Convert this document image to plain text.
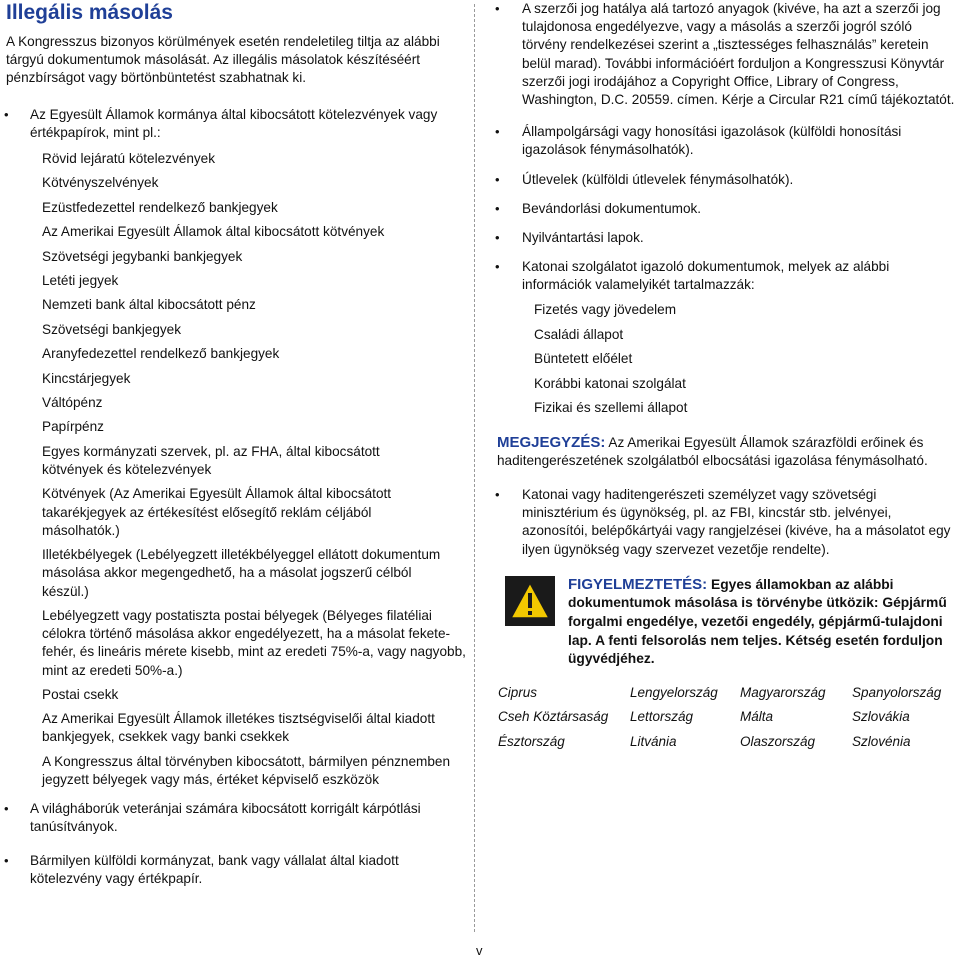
Illegális másolás

A Kongresszus bizonyos körülmények esetén rendeletileg tiltja az alábbi tárgyú dokumentumok másolását. Az illegális másolatok készítéséért pénzbírságot vagy börtönbüntetést szabhatnak ki.

• Az Egyesült Államok kormánya által kibocsátott kötelezvények vagy értékpapírok, mint pl.:

Rövid lejáratú kötelezvények

Kötvényszelvények

Ezüstfedezettel rendelkező bankjegyek

Az Amerikai Egyesült Államok által kibocsátott kötvények

Szövetségi jegybanki bankjegyek

Letéti jegyek

Nemzeti bank által kibocsátott pénz

Szövetségi bankjegyek

Aranyfedezettel rendelkező bankjegyek

Kincstárjegyek

Váltópénz

Papírpénz

Egyes kormányzati szervek, pl. az FHA, által kibocsátott kötvények és kötelezvények

Kötvények (Az Amerikai Egyesült Államok által kibocsátott takarékjegyek az értékesítést elősegítő reklám céljából másolhatók.)

Illetékbélyegek (Lebélyegzett illetékbélyeggel ellátott dokumentum másolása akkor megengedhető, ha a másolat jogszerű célból készül.)

Lebélyegzett vagy postatiszta postai bélyegek (Bélyeges filatéliai célokra történő másolása akkor engedélyezett, ha a másolat fekete-fehér, és lineáris mérete kisebb, mint az eredeti 75%-a, vagy nagyobb, mint az eredeti 50%-a.)

Postai csekk

Az Amerikai Egyesült Államok illetékes tisztségviselői által kiadott bankjegyek, csekkek vagy banki csekkek

A Kongresszus által törvényben kibocsátott, bármilyen pénznemben jegyzett bélyegek vagy más, értéket képviselő eszközök

• A világháborúk veteránjai számára kibocsátott korrigált kárpótlási tanúsítványok.

• Bármilyen külföldi kormányzat, bank vagy vállalat által kiadott kötelezvény vagy értékpapír.

• A szerzői jog hatálya alá tartozó anyagok (kivéve, ha azt a szerzői jog tulajdonosa engedélyezve, vagy a másolás a szerzői jogról szóló törvény rendelkezései szerint a „tisztességes felhasználás” keretein belül marad). További információért forduljon a Kongresszusi Könyvtár szerzői jogi irodájához a Copyright Office, Library of Congress, Washington, D.C. 20559. címen. Kérje a Circular R21 című tájékoztatót.

• Állampolgársági vagy honosítási igazolások (külföldi honosítási igazolások fénymásolhatók).

• Útlevelek (külföldi útlevelek fénymásolhatók).

• Bevándorlási dokumentumok.

• Nyilvántartási lapok.

• Katonai szolgálatot igazoló dokumentumok, melyek az alábbi információk valamelyikét tartalmazzák:

Fizetés vagy jövedelem

Családi állapot

Büntetett előélet

Korábbi katonai szolgálat

Fizikai és szellemi állapot

MEGJEGYZÉS: Az Amerikai Egyesült Államok szárazföldi erőinek és haditengerészetének szolgálatból elbocsátási igazolása fénymásolható.

• Katonai vagy haditengerészeti személyzet vagy szövetségi minisztérium és ügynökség, pl. az FBI, kincstár stb. jelvényei, azonosítói, belépőkártyái vagy rangjelzései (kivéve, ha a másolatot egy ilyen ügynökség vagy szervezet vezetője rendelte).

FIGYELMEZTETÉS: Egyes államokban az alábbi dokumentumok másolása is törvénybe ütközik: Gépjármű forgalmi engedélye, vezetői engedély, gépjármű-tulajdoni lap. A fenti felsorolás nem teljes. Kétség esetén forduljon ügyvédjéhez.

Ciprus	Lengyelország	Magyarország	Spanyolország
Cseh Köztársaság	Lettország	Málta	Szlovákia
Észtország	Litvánia	Olaszország	Szlovénia
v
